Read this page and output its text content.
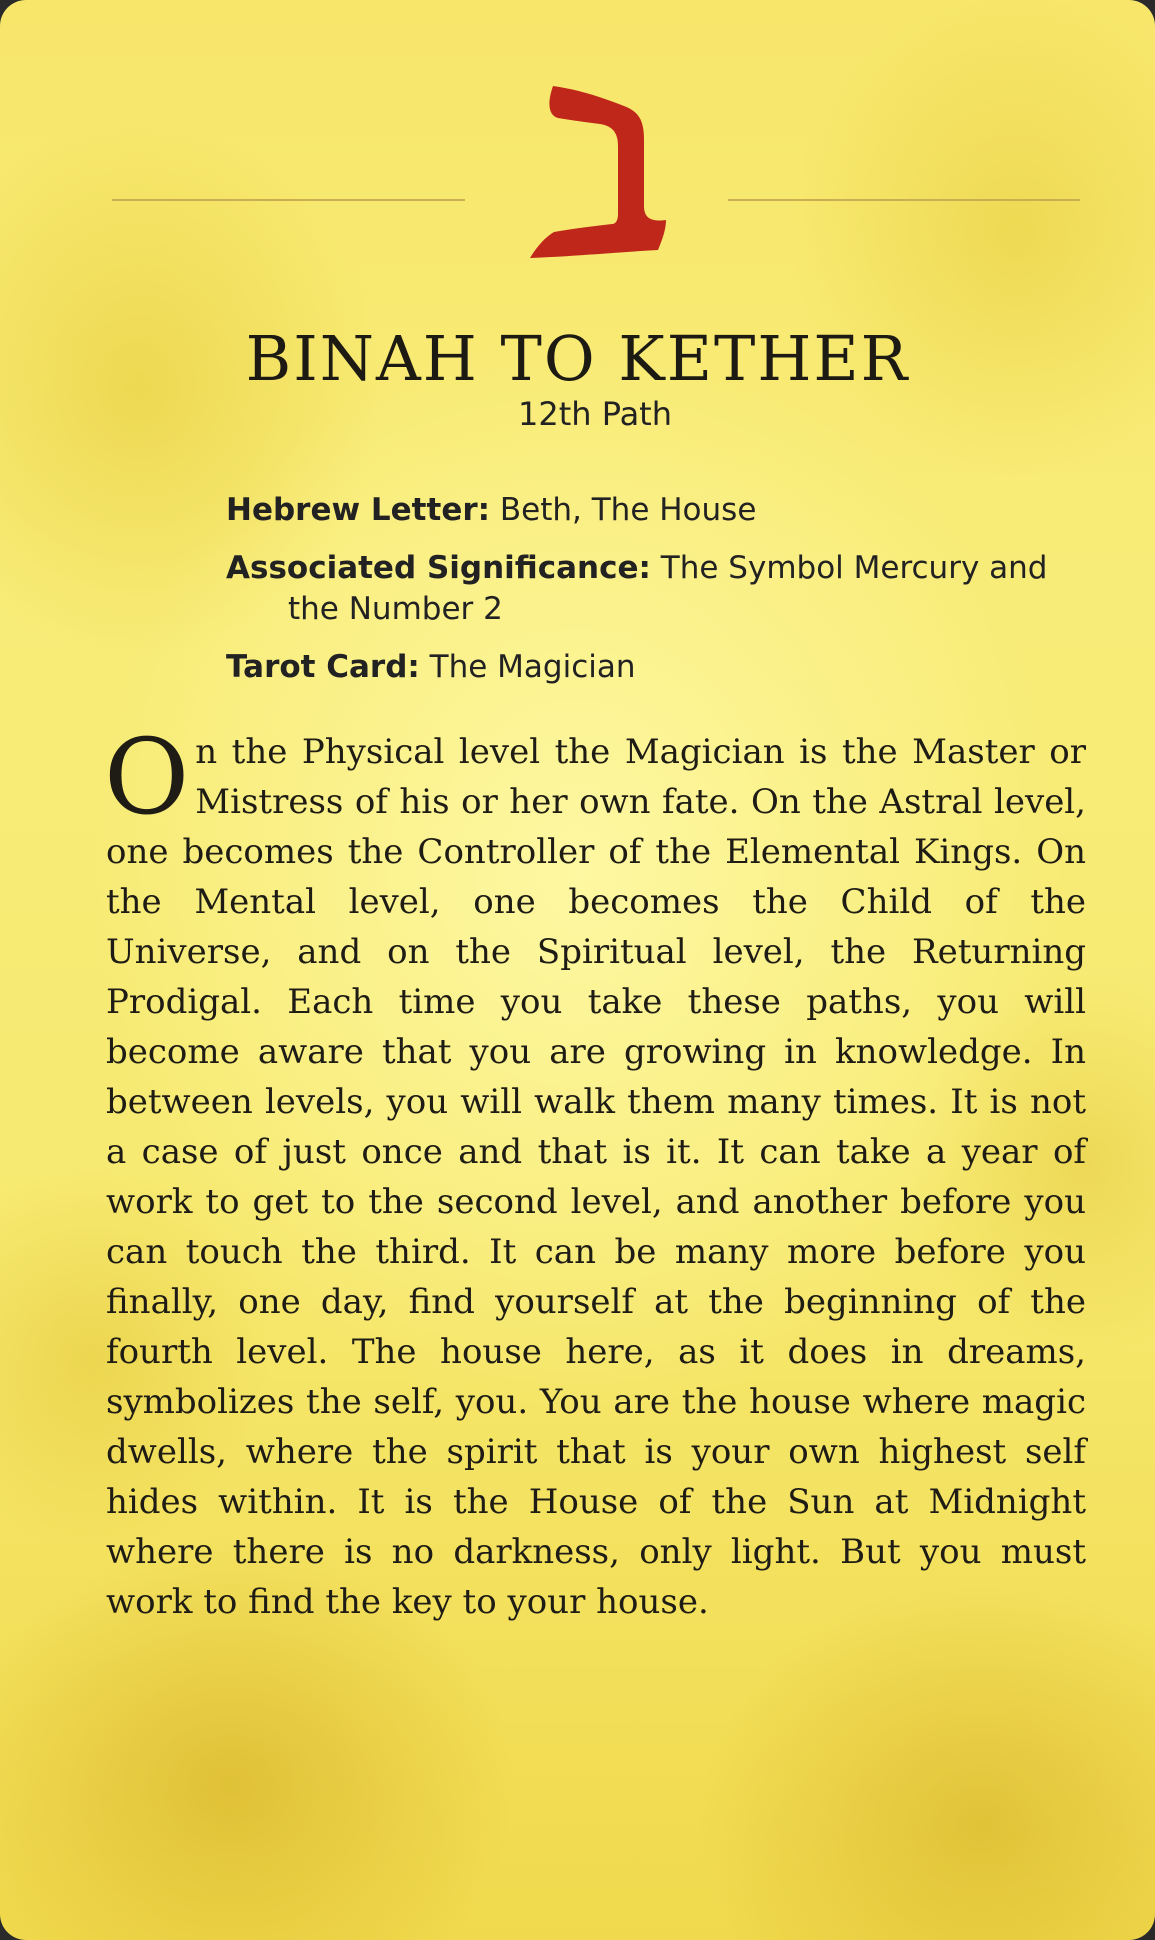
BINAH TO KETHER
12th Path
Hebrew Letter: Beth, The House
Associated Significance: The Symbol Mercury and
the Number 2
Tarot Card: The Magician

On the Physical level the Magician is the Master or Mistress of his or her own fate. On the Astral level, one becomes the Controller of the Elemental Kings. On the Mental level, one becomes the Child of the Universe, and on the Spiritual level, the Returning Prodigal. Each time you take these paths, you will become aware that you are growing in knowledge. In between levels, you will walk them many times. It is not a case of just once and that is it. It can take a year of work to get to the second level, and another before you can touch the third. It can be many more before you finally, one day, find yourself at the beginning of the fourth level. The house here, as it does in dreams, symbolizes the self, you. You are the house where magic dwells, where the spirit that is your own highest self hides within. It is the House of the Sun at Midnight where there is no darkness, only light. But you must work to find the key to your house.
